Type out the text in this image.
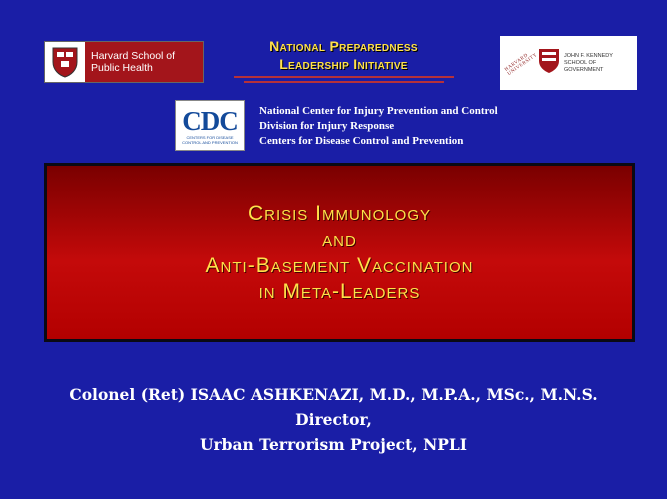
Harvard School of
Public Health
National Preparedness
Leadership Initiative	HARVARD UNIVERSITY	JOHN F. KENNEDY
SCHOOL OF GOVERNMENT
CDC
CENTERS FOR DISEASE
CONTROL AND PREVENTION
National Center for Injury Prevention and Control
Division for Injury Response
Centers for Disease Control and Prevention
Crisis Immunology
and
Anti-Basement Vaccination
in Meta-Leaders
Colonel (Ret) ISAAC ASHKENAZI, M.D., M.P.A., MSc., M.N.S.
Director,
Urban Terrorism Project, NPLI
